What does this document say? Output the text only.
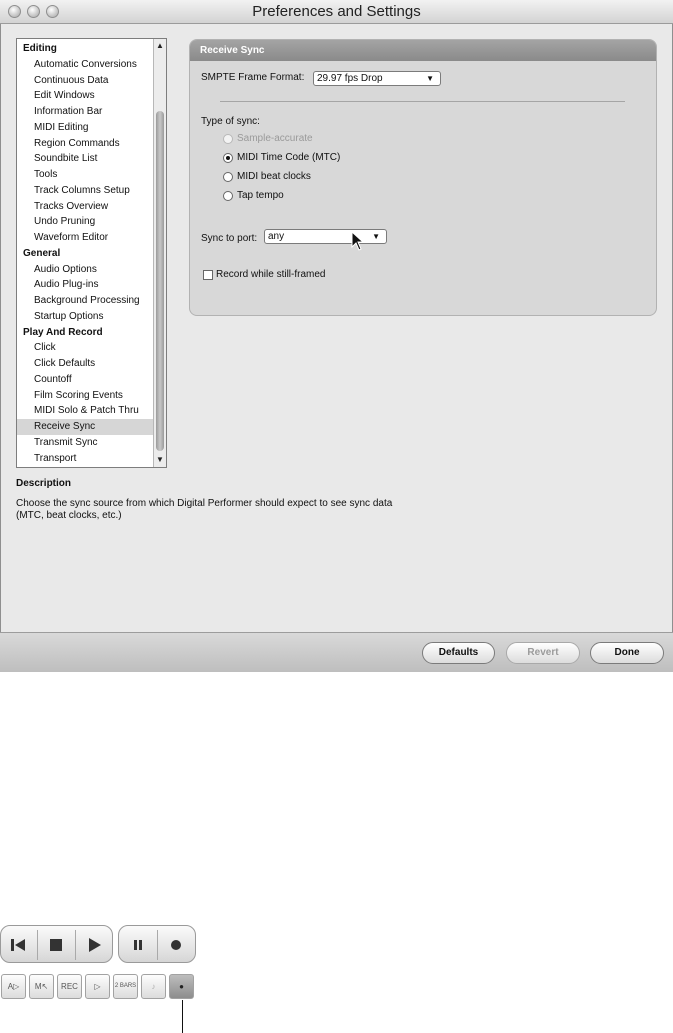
Preferences and Settings
Editing
Automatic Conversions
Continuous Data
Edit Windows
Information Bar
MIDI Editing
Region Commands
Soundbite List
Tools
Track Columns Setup
Tracks Overview
Undo Pruning
Waveform Editor
General
Audio Options
Audio Plug-ins
Background Processing
Startup Options
Play And Record
Click
Click Defaults
Countoff
Film Scoring Events
MIDI Solo & Patch Thru
Receive Sync
Transmit Sync
Transport
▲
▼
Receive Sync
SMPTE Frame Format:	29.97 fps Drop	▼
Type of sync:
Sample-accurate
MIDI Time Code (MTC)
MIDI beat clocks
Tap tempo
Sync to port:	any	▼
Record while still-framed
Description
Choose the sync source from which Digital Performer should expect to see sync data (MTC, beat clocks, etc.)
Defaults	Revert	Done
A▷	M↖	REC	▷	2 BARS	♪	●
